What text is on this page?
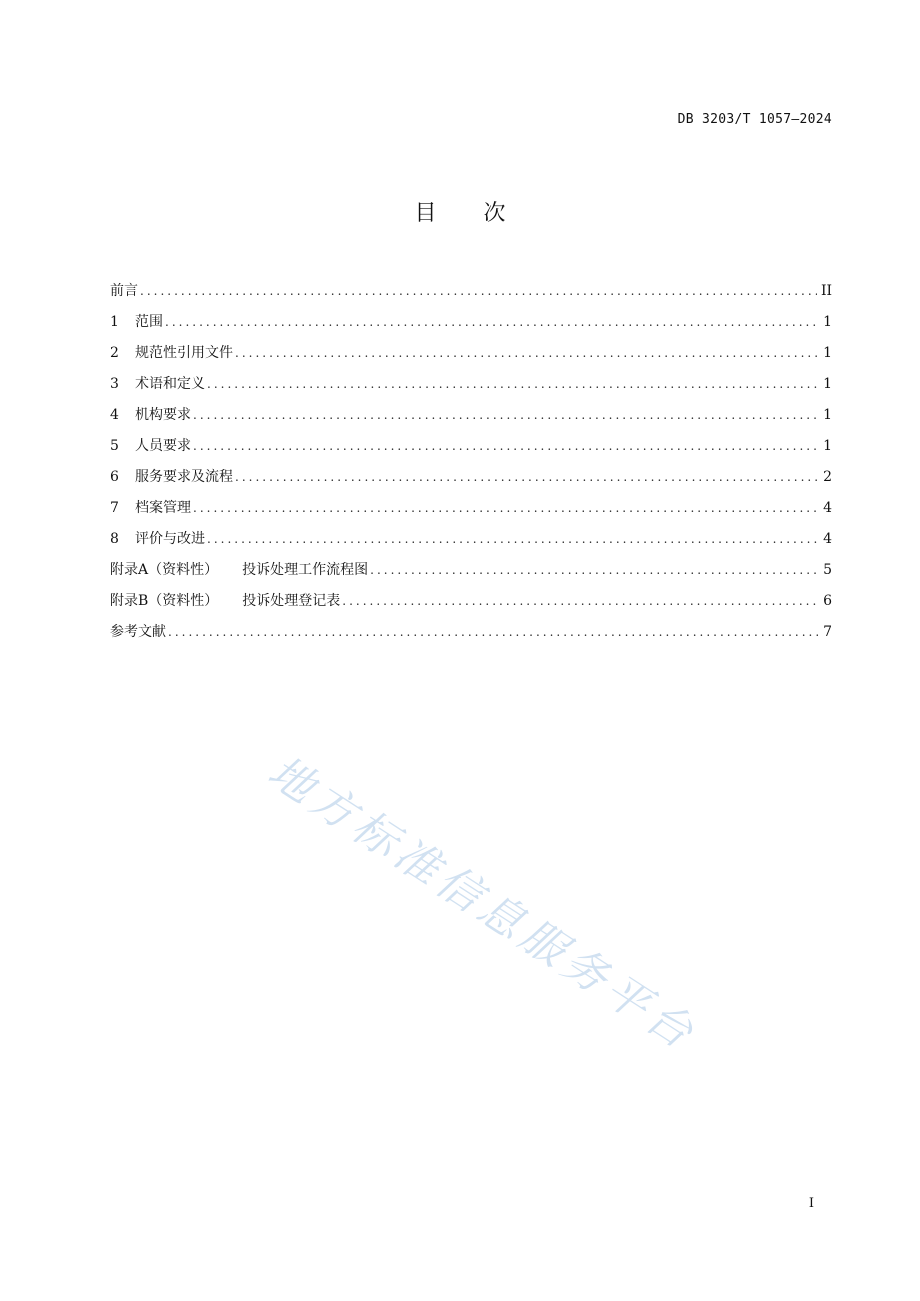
DB 3203/T 1057—2024
目 次
前言 .....	II
1	范围 .....	1
2	规范性引用文件 .....	1
3	术语和定义 .....	1
4	机构要求 .....	1
5	人员要求 .....	1
6	服务要求及流程 .....	2
7	档案管理 .....	4
8	评价与改进 .....	4
附录A（资料性） 投诉处理工作流程图 .....	5
附录B（资料性） 投诉处理登记表 .....	6
参考文献 .....	7
地方标准信息服务平台
I
